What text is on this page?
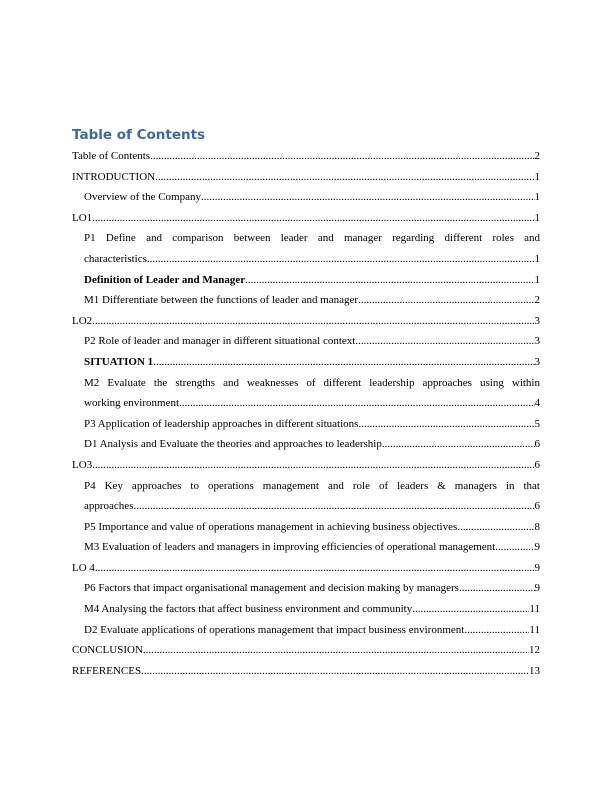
Table of Contents
Table of Contents .....	2
INTRODUCTION .....	1
Overview of the Company .....	1
LO1 .....	1
P1 Define and comparison between leader and manager regarding different roles and
characteristics .....	1
Definition of Leader and Manager .....	1
M1 Differentiate between the functions of leader and manager .....	2
LO2 .....	3
P2 Role of leader and manager in different situational context .....	3
SITUATION 1 .....	3
M2 Evaluate the strengths and weaknesses of different leadership approaches using within
working environment .....	4
P3 Application of leadership approaches in different situations .....	5
D1 Analysis and Evaluate the theories and approaches to leadership .....	6
LO3 .....	6
P4 Key approaches to operations management and role of leaders & managers in that
approaches .....	6
P5 Importance and value of operations management in achieving business objectives .....	8
M3 Evaluation of leaders and managers in improving efficiencies of operational management .....	9
LO 4 .....	9
P6 Factors that impact organisational management and decision making by managers .....	9
M4 Analysing the factors that affect business environment and community .....	11
D2 Evaluate applications of operations management that impact business environment .....	11
CONCLUSION .....	12
REFERENCES .....	13
